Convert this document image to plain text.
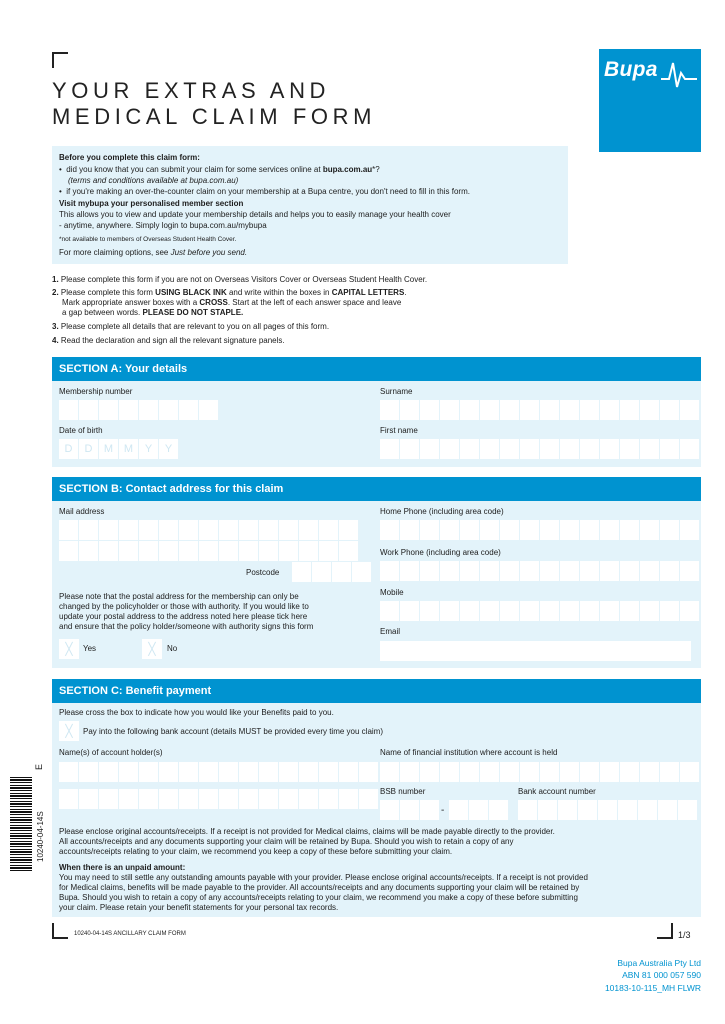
YOUR EXTRAS AND
MEDICAL CLAIM FORM
Bupa
Before you complete this claim form:
•  did you know that you can submit your claim for some services online at bupa.com.au*?
(terms and conditions available at bupa.com.au)
•  if you're making an over-the-counter claim on your membership at a Bupa centre, you don't need to fill in this form.
Visit mybupa your personalised member section
This allows you to view and update your membership details and helps you to easily manage your health cover
- anytime, anywhere. Simply login to bupa.com.au/mybupa
*not available to members of Overseas Student Health Cover.
For more claiming options, see Just before you send.
1. Please complete this form if you are not on Overseas Visitors Cover or Overseas Student Health Cover.
2. Please complete this form USING BLACK INK and write within the boxes in CAPITAL LETTERS.
Mark appropriate answer boxes with a CROSS. Start at the left of each answer space and leave
a gap between words. PLEASE DO NOT STAPLE.
3. Please complete all details that are relevant to you on all pages of this form.
4. Read the declaration and sign all the relevant signature panels.
SECTION A: Your details
Membership number	Surname
Date of birth
D	D	M M	Y	Y
First name
SECTION B: Contact address for this claim
Mail address
Postcode
Home Phone (including area code)
Work Phone (including area code)
Mobile
Email
Please note that the postal address for the membership can only be
changed by the policyholder or those with authority. If you would like to
update your postal address to the address noted here please tick here
and ensure that the policy holder/someone with authority signs this form
╳	Yes	╳	No
SECTION C: Benefit payment
Please cross the box to indicate how you would like your Benefits paid to you.
╳	Pay into the following bank account (details MUST be provided every time you claim)
Name(s) of account holder(s)	Name of financial institution where account is held
BSB number
-
Bank account number
Please enclose original accounts/receipts. If a receipt is not provided for Medical claims, claims will be made payable directly to the provider.
All accounts/receipts and any documents supporting your claim will be retained by Bupa. Should you wish to retain a copy of any
accounts/receipts relating to your claim, we recommend you keep a copy of these before submitting your claim.
When there is an unpaid amount:
You may need to still settle any outstanding amounts payable with your provider. Please enclose original accounts/receipts. If a receipt is not provided
for Medical claims, benefits will be made payable to the provider. All accounts/receipts and any documents supporting your claim will be retained by
Bupa. Should you wish to retain a copy of any accounts/receipts relating to your claim, we recommend you make a copy of these before submitting
your claim. Please retain your benefit statements for your personal tax records.
10240-04-14S
E
10240-04-14S ANCILLARY CLAIM FORM	1/3
Bupa Australia Pty Ltd
ABN 81 000 057 590
10183-10-115_MH FLWR
